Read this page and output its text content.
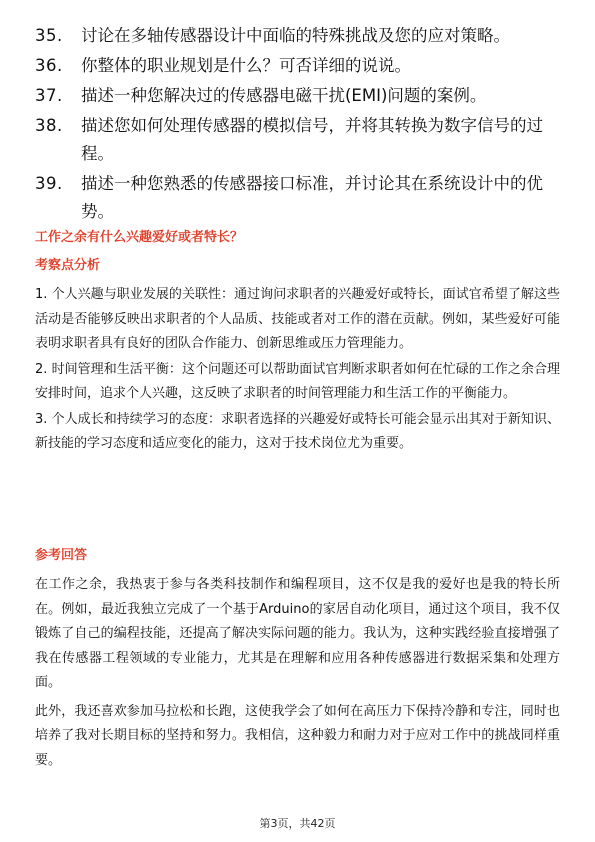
35.	讨论在多轴传感器设计中面临的特殊挑战及您的应对策略。
36.	你整体的职业规划是什么？可否详细的说说。
37.	描述一种您解决过的传感器电磁干扰(EMI)问题的案例。
38.	描述您如何处理传感器的模拟信号，并将其转换为数字信号的过程。
39.	描述一种您熟悉的传感器接口标准，并讨论其在系统设计中的优势。
工作之余有什么兴趣爱好或者特长？
考察点分析

1. 个人兴趣与职业发展的关联性：通过询问求职者的兴趣爱好或特长，面试官希望了解这些活动是否能够反映出求职者的个人品质、技能或者对工作的潜在贡献。例如，某些爱好可能表明求职者具有良好的团队合作能力、创新思维或压力管理能力。

2. 时间管理和生活平衡：这个问题还可以帮助面试官判断求职者如何在忙碌的工作之余合理安排时间，追求个人兴趣，这反映了求职者的时间管理能力和生活工作的平衡能力。

3. 个人成长和持续学习的态度：求职者选择的兴趣爱好或特长可能会显示出其对于新知识、新技能的学习态度和适应变化的能力，这对于技术岗位尤为重要。

参考回答

在工作之余，我热衷于参与各类科技制作和编程项目，这不仅是我的爱好也是我的特长所在。例如，最近我独立完成了一个基于Arduino的家居自动化项目，通过这个项目，我不仅锻炼了自己的编程技能，还提高了解决实际问题的能力。我认为，这种实践经验直接增强了我在传感器工程领域的专业能力，尤其是在理解和应用各种传感器进行数据采集和处理方面。

此外，我还喜欢参加马拉松和长跑，这使我学会了如何在高压力下保持冷静和专注，同时也培养了我对长期目标的坚持和努力。我相信，这种毅力和耐力对于应对工作中的挑战同样重要。

第3页，共42页
